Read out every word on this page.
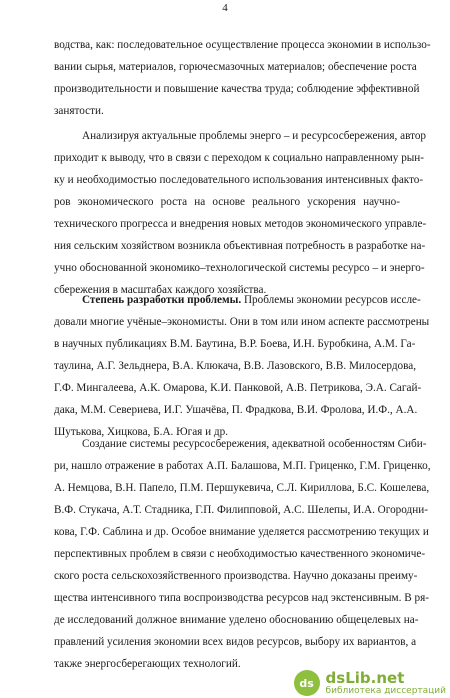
4
водства, как: последовательное осуществление процесса экономии в использо-
вании сырья, материалов, горючесмазочных материалов; обеспечение роста
производительности и повышение качества труда; соблюдение эффективной
занятости.
Анализируя актуальные проблемы энерго – и ресурсосбережения, автор
приходит к выводу, что в связи с переходом к социально направленному рын-
ку и необходимостью последовательного использования интенсивных факто-
ров экономического роста на основе реального ускорения научно-
технического прогресса и внедрения новых методов экономического управле-
ния сельским хозяйством возникла объективная потребность в разработке на-
учно обоснованной экономико–технологической системы ресурсо – и энерго-
сбережения в масштабах каждого хозяйства.
Степень разработки проблемы. Проблемы экономии ресурсов иссле-
довали многие учёные–экономисты. Они в том или ином аспекте рассмотрены
в научных публикациях В.М. Баутина, В.Р. Боева, И.Н. Буробкина, А.М. Га-
таулина, А.Г. Зельднера, В.А. Клюкача, В.В. Лазовского, В.В. Милосердова,
Г.Ф. Мингалеева, А.К. Омарова, К.И. Панковой, А.В. Петрикова, Э.А. Сагай-
дака, М.М. Севериева, И.Г. Ушачёва, П. Фрадкова, В.И. Фролова, И.Ф., А.А.
Шутькова, Хицкова, Б.А. Югая и др.
Создание системы ресурсосбережения, адекватной особенностям Сиби-
ри, нашло отражение в работах А.П. Балашова, М.П. Гриценко, Г.М. Гриценко,
А. Немцова, В.Н. Папело, П.М. Першукевича, С.Л. Кириллова, Б.С. Кошелева,
В.Ф. Стукача, А.Т. Стадника, Г.П. Филипповой, А.С. Шелепы, И.А. Огородни-
кова, Г.Ф. Саблина и др. Особое внимание уделяется рассмотрению текущих и
перспективных проблем в связи с необходимостью качественного экономиче-
ского роста сельскохозяйственного производства. Научно доказаны преиму-
щества интенсивного типа воспроизводства ресурсов над экстенсивным. В ря-
де исследований должное внимание уделено обоснованию общецелевых на-
правлений усиления экономии всех видов ресурсов, выбору их вариантов, а
также энергосберегающих технологий.
ds dsLib.net
библиотека диссертаций
